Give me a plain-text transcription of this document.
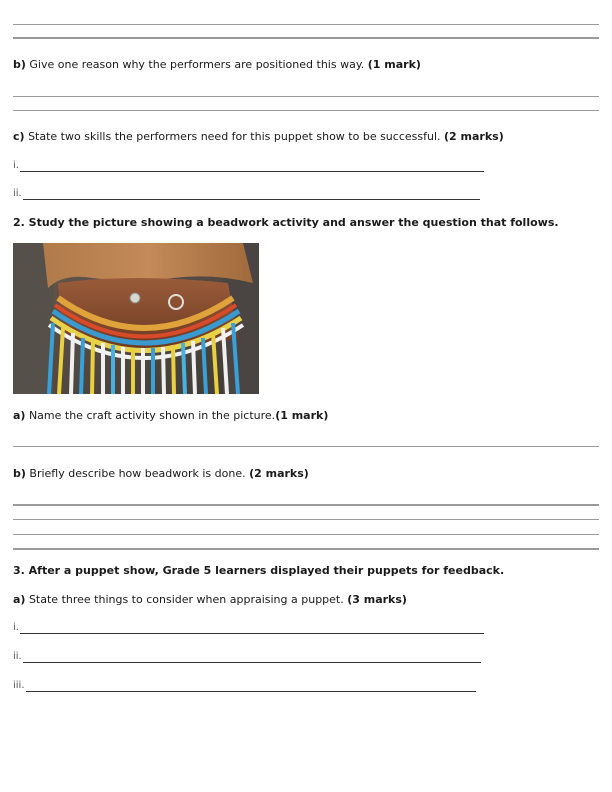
b) Give one reason why the performers are positioned this way. (1 mark)
c) State two skills the performers need for this puppet show to be successful. (2 marks)
i.
ii.
2. Study the picture showing a beadwork activity and answer the question that follows.
a) Name the craft activity shown in the picture.(1 mark)
b) Briefly describe how beadwork is done. (2 marks)
3. After a puppet show, Grade 5 learners displayed their puppets for feedback.
a) State three things to consider when appraising a puppet. (3 marks)
i.
ii.
iii.
